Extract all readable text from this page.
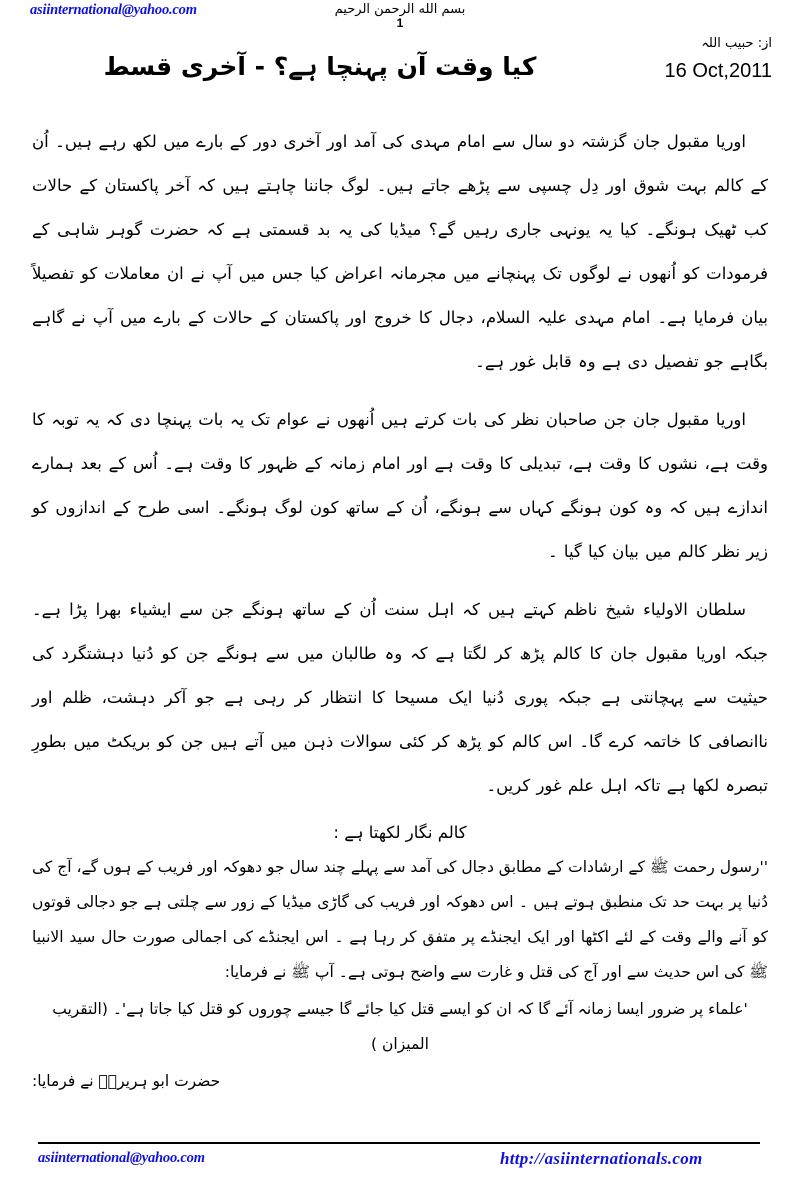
asiinternational@yahoo.com	بسم الله الرحمن الرحيم
1
از: حبیب اللہ
16 Oct,2011
کیا وقت آن پہنچا ہے؟ - آخری قسط

اوریا مقبول جان گزشتہ دو سال سے امام مہدی کی آمد اور آخری دور کے بارے میں لکھ رہے ہیں۔ اُن کے کالم بہت شوق اور دِل چسپی سے پڑھے جاتے ہیں۔ لوگ جاننا چاہتے ہیں کہ آخر پاکستان کے حالات کب ٹھیک ہونگے۔ کیا یہ یونہی جاری رہیں گے؟ میڈیا کی یہ بد قسمتی ہے کہ حضرت گوہر شاہی کے فرمودات کو اُنھوں نے لوگوں تک پہنچانے میں مجرمانہ اعراض کیا جس میں آپ نے ان معاملات کو تفصیلاً بیان فرمایا ہے۔ امام مہدی علیہ السلام، دجال کا خروج اور پاکستان کے حالات کے بارے میں آپ نے گاہے بگاہے جو تفصیل دی ہے وہ قابل غور ہے۔

اوریا مقبول جان جن صاحبان نظر کی بات کرتے ہیں اُنھوں نے عوام تک یہ بات پہنچا دی کہ یہ توبہ کا وقت ہے، نشوں کا وقت ہے، تبدیلی کا وقت ہے اور امام زمانہ کے ظہور کا وقت ہے۔ اُس کے بعد ہمارے اندازے ہیں کہ وہ کون ہونگے کہاں سے ہونگے، اُن کے ساتھ کون لوگ ہونگے۔ اسی طرح کے اندازوں کو زیر نظر کالم میں بیان کیا گیا ۔

سلطان الاولیاء شیخ ناظم کہتے ہیں کہ اہل سنت اُن کے ساتھ ہونگے جن سے ایشیاء بھرا پڑا ہے۔ جبکہ اوریا مقبول جان کا کالم پڑھ کر لگتا ہے کہ وہ طالبان میں سے ہونگے جن کو دُنیا دہشتگرد کی حیثیت سے پہچانتی ہے جبکہ پوری دُنیا ایک مسیحا کا انتظار کر رہی ہے جو آکر دہشت، ظلم اور ناانصافی کا خاتمہ کرے گا۔ اس کالم کو پڑھ کر کئی سوالات ذہن میں آتے ہیں جن کو بریکٹ میں بطورِ تبصرہ لکھا ہے تاکہ اہل علم غور کریں۔

کالم نگار لکھتا ہے :

''رسول رحمت ﷺ کے ارشادات کے مطابق دجال کی آمد سے پہلے چند سال جو دھوکہ اور فریب کے ہوں گے، آج کی دُنیا پر بہت حد تک منطبق ہوتے ہیں ۔ اس دھوکہ اور فریب کی گاڑی میڈیا کے زور سے چلتی ہے جو دجالی قوتوں کو آنے والے وقت کے لئے اکٹھا اور ایک ایجنڈے پر متفق کر رہا ہے ۔ اس ایجنڈے کی اجمالی صورت حال سید الانبیا ﷺ کی اس حدیث سے اور آج کی قتل و غارت سے واضح ہوتی ہے۔ آپ ﷺ نے فرمایا:

'علماء پر ضرور ایسا زمانہ آئے گا کہ ان کو ایسے قتل کیا جائے گا جیسے چوروں کو قتل کیا جاتا ہے'۔ (التقریب المیزان )

حضرت ابو ہریرہؓ نے فرمایا:

asiinternational@yahoo.com	http://asiinternationals.com
